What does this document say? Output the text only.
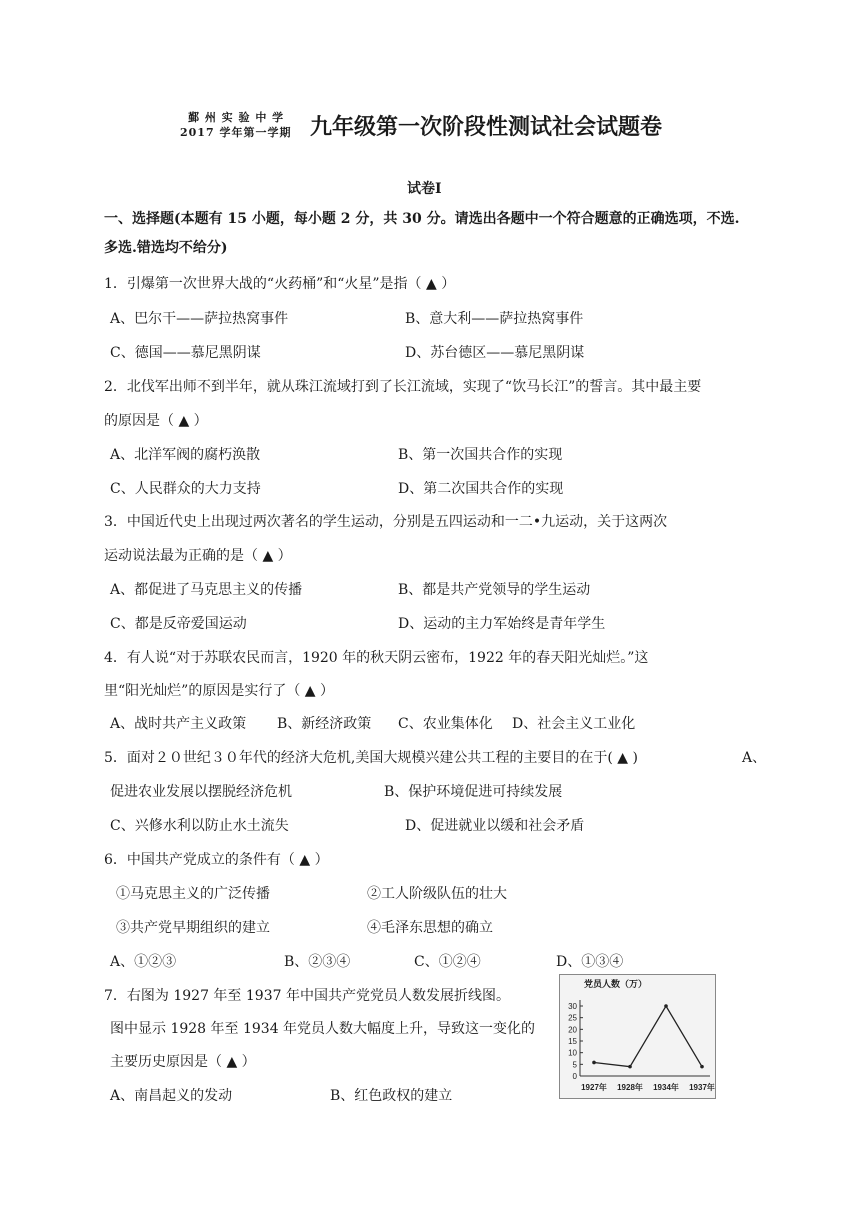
鄞 州 实 验 中 学
2017 学年第一学期 九年级第一次阶段性测试社会试题卷
试卷Ⅰ
一、选择题(本题有 15 小题，每小题 2 分，共 30 分。请选出各题中一个符合题意的正确选项，不选.
多选.错选均不给分)
1．引爆第一次世界大战的“火药桶”和“火星”是指（ ▲ ）
A、巴尔干——萨拉热窝事件	B、意大利——萨拉热窝事件
C、德国——慕尼黑阴谋	D、苏台德区——慕尼黑阴谋
2．北伐军出师不到半年，就从珠江流域打到了长江流域，实现了“饮马长江”的誓言。其中最主要
的原因是（ ▲ ）
A、北洋军阀的腐朽涣散	B、第一次国共合作的实现
C、人民群众的大力支持	D、第二次国共合作的实现
3．中国近代史上出现过两次著名的学生运动，分别是五四运动和一二•九运动，关于这两次
运动说法最为正确的是（ ▲ ）
A、都促进了马克思主义的传播	B、都是共产党领导的学生运动
C、都是反帝爱国运动	D、运动的主力军始终是青年学生
4．有人说“对于苏联农民而言，1920 年的秋天阴云密布，1922 年的春天阳光灿烂。”这
里“阳光灿烂”的原因是实行了（ ▲ ）
A、战时共产主义政策 B、新经济政策 C、农业集体化 D、社会主义工业化
5．面对２０世纪３０年代的经济大危机,美国大规模兴建公共工程的主要目的在于( ▲ )	A、
促进农业发展以摆脱经济危机	B、保护环境促进可持续发展
C、兴修水利以防止水土流失	D、促进就业以缓和社会矛盾
6．中国共产党成立的条件有（ ▲ ）
①马克思主义的广泛传播	②工人阶级队伍的壮大
③共产党早期组织的建立	④毛泽东思想的确立
A、①②③	B、②③④	C、①②④	D、①③④
7．右图为 1927 年至 1937 年中国共产党党员人数发展折线图。
图中显示 1928 年至 1934 年党员人数大幅度上升，导致这一变化的
主要历史原因是（ ▲ ）
A、南昌起义的发动	B、红色政权的建立
党员人数（万）
0
5
10
15
20
25
30
1927年 1928年 1934年 1937年
